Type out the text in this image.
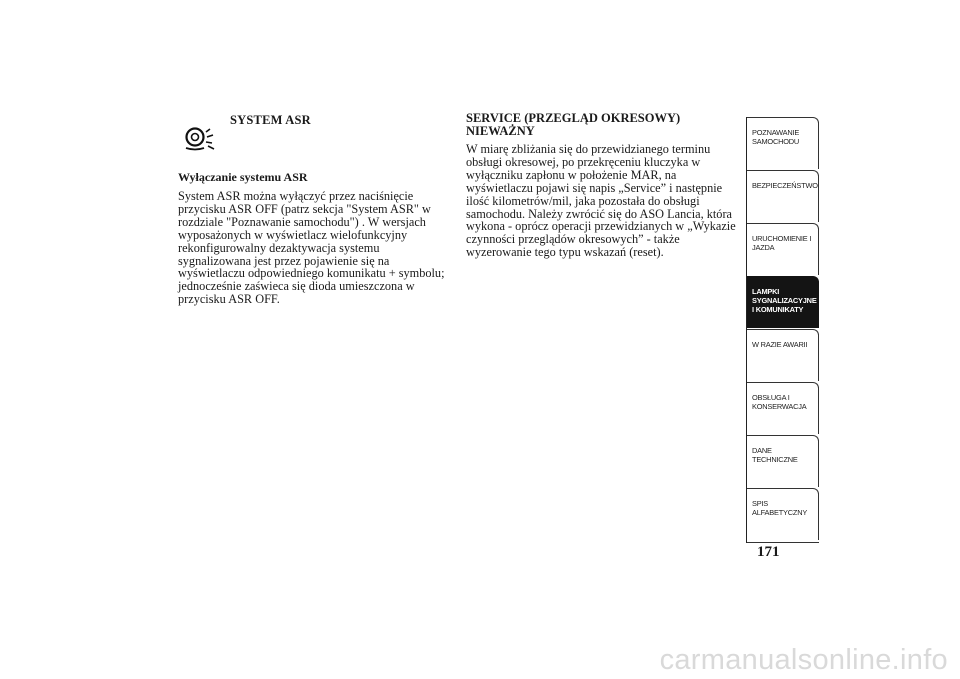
SYSTEM ASR

Wyłączanie systemu ASR

System ASR można wyłączyć przez naciśnięcie przycisku ASR OFF (patrz sekcja "System ASR" w rozdziale "Poznawanie samochodu") . W wersjach wyposażonych w wyświetlacz wielofunkcyjny rekonfigurowalny dezaktywacja systemu sygnalizowana jest przez pojawienie się na wyświetlaczu odpowiedniego komunikatu + symbolu; jednocześnie zaświeca się dioda umieszczona w przycisku ASR OFF.

SERVICE (PRZEGLĄD OKRESOWY) NIEWAŻNY

W miarę zbliżania się do przewidzianego terminu obsługi okresowej, po przekręceniu kluczyka w wyłączniku zapłonu w położenie MAR, na wyświetlaczu pojawi się napis „Service” i następnie ilość kilometrów/mil, jaka pozostała do obsługi samochodu. Należy zwrócić się do ASO Lancia, która wykona - oprócz operacji przewidzianych w „Wykazie czynności przeglądów okresowych” - także wyzerowanie tego typu wskazań (reset).

POZNAWANIE
SAMOCHODU
BEZPIECZEŃSTWO
URUCHOMIENIE I
JAZDA
LAMPKI
SYGNALIZACYJNE
I KOMUNIKATY
W RAZIE AWARII
OBSŁUGA I
KONSERWACJA
DANE
TECHNICZNE
SPIS
ALFABETYCZNY
171
carmanualsonline.info
